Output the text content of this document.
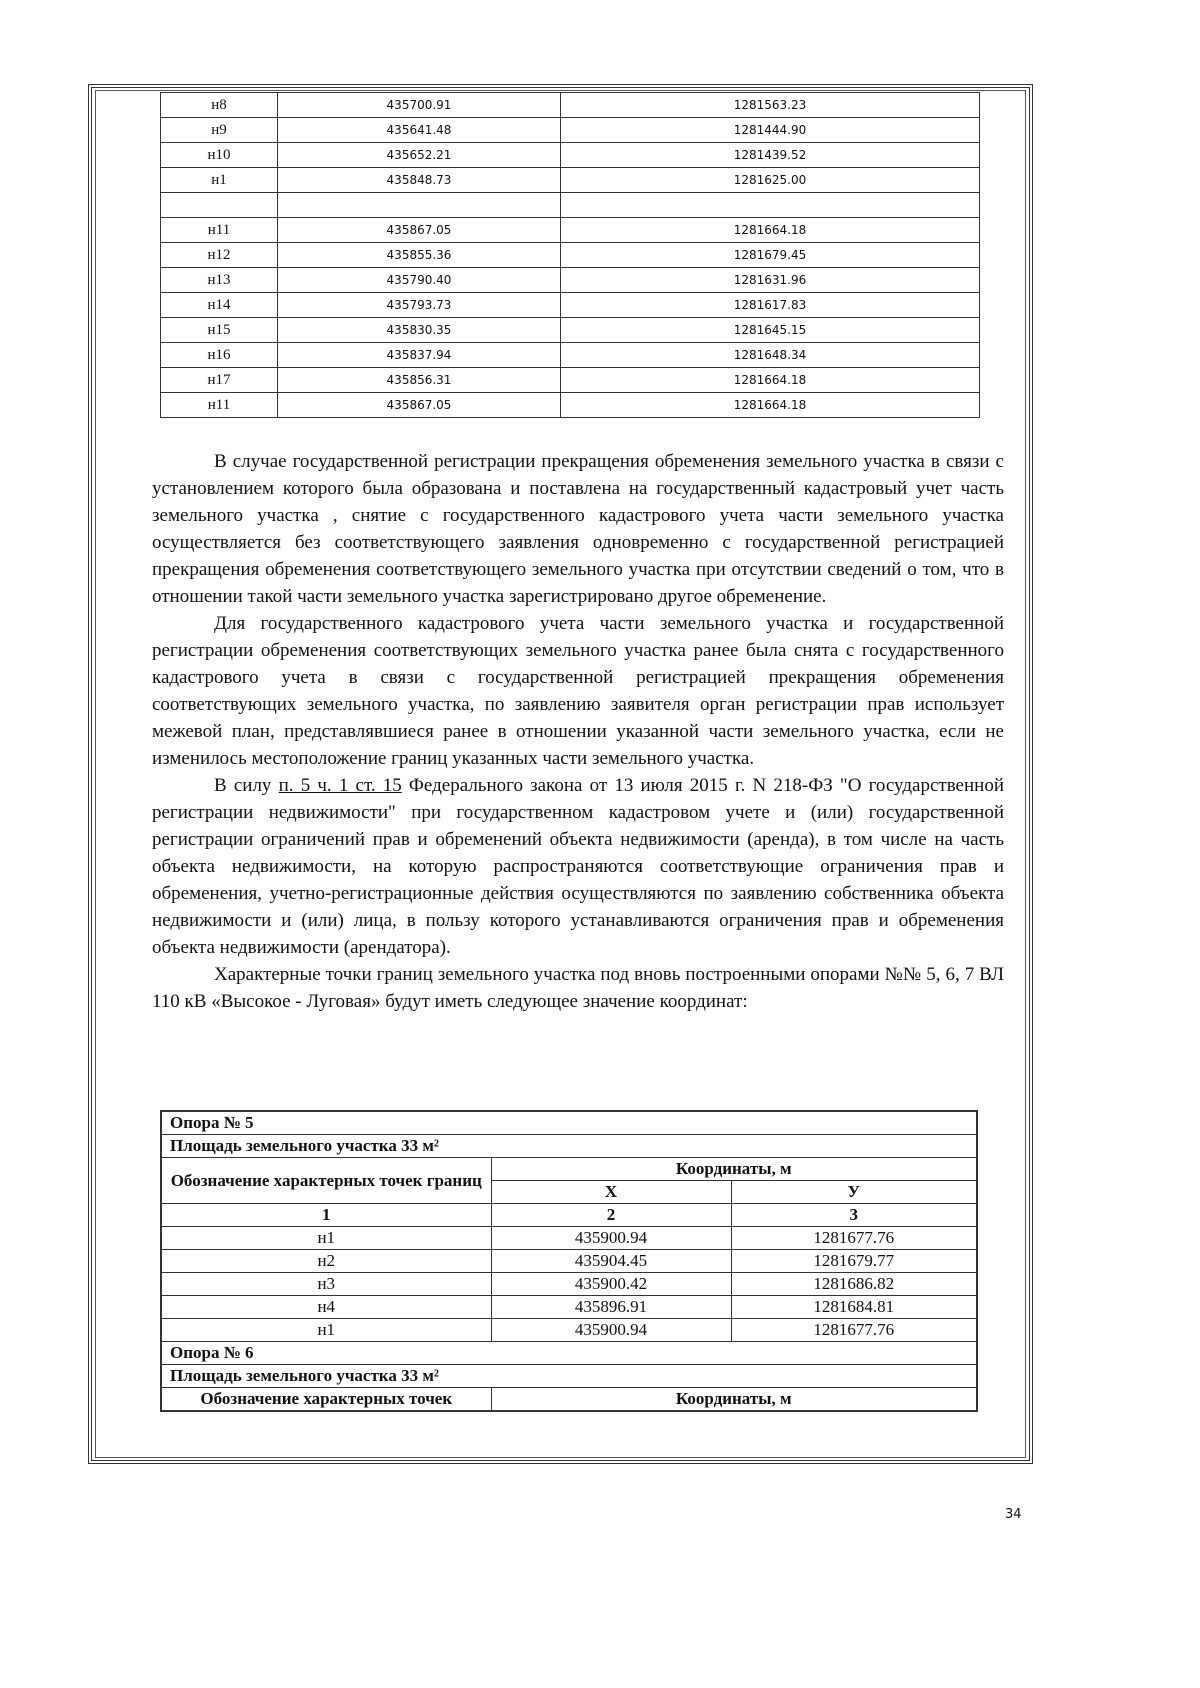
н8	435700.91	1281563.23
н9	435641.48	1281444.90
н10	435652.21	1281439.52
н1	435848.73	1281625.00

н11	435867.05	1281664.18
н12	435855.36	1281679.45
н13	435790.40	1281631.96
н14	435793.73	1281617.83
н15	435830.35	1281645.15
н16	435837.94	1281648.34
н17	435856.31	1281664.18
н11	435867.05	1281664.18

В случае государственной регистрации прекращения обременения земельного участка в связи с установлением которого была образована и поставлена на государственный кадастровый учет часть земельного участка , снятие с государственного кадастрового учета части земельного участка осуществляется без соответствующего заявления одновременно с государственной регистрацией прекращения обременения соответствующего земельного участка при отсутствии сведений о том, что в отношении такой части земельного участка зарегистрировано другое обременение.

Для государственного кадастрового учета части земельного участка и государственной регистрации обременения соответствующих земельного участка ранее была снята с государственного кадастрового учета в связи с государственной регистрацией прекращения обременения соответствующих земельного участка, по заявлению заявителя орган регистрации прав использует межевой план, представлявшиеся ранее в отношении указанной части земельного участка, если не изменилось местоположение границ указанных части земельного участка.

В силу п. 5 ч. 1 ст. 15 Федерального закона от 13 июля 2015 г. N 218-ФЗ "О государственной регистрации недвижимости" при государственном кадастровом учете и (или) государственной регистрации ограничений прав и обременений объекта недвижимости (аренда), в том числе на часть объекта недвижимости, на которую распространяются соответствующие ограничения прав и обременения, учетно-регистрационные действия осуществляются по заявлению собственника объекта недвижимости и (или) лица, в пользу которого устанавливаются ограничения прав и обременения объекта недвижимости (арендатора).

Характерные точки границ земельного участка под вновь построенными опорами №№ 5, 6, 7 ВЛ 110 кВ «Высокое - Луговая» будут иметь следующее значение координат:

Опора № 5		
Площадь земельного участка 33 м²		
Обозначение характерных точек границ	Координаты, м	
	Х	У
1	2	3
н1	435900.94	1281677.76
н2	435904.45	1281679.77
н3	435900.42	1281686.82
н4	435896.91	1281684.81
н1	435900.94	1281677.76
Опора № 6		
Площадь земельного участка 33 м²		
Обозначение характерных точек	Координаты, м	
34
